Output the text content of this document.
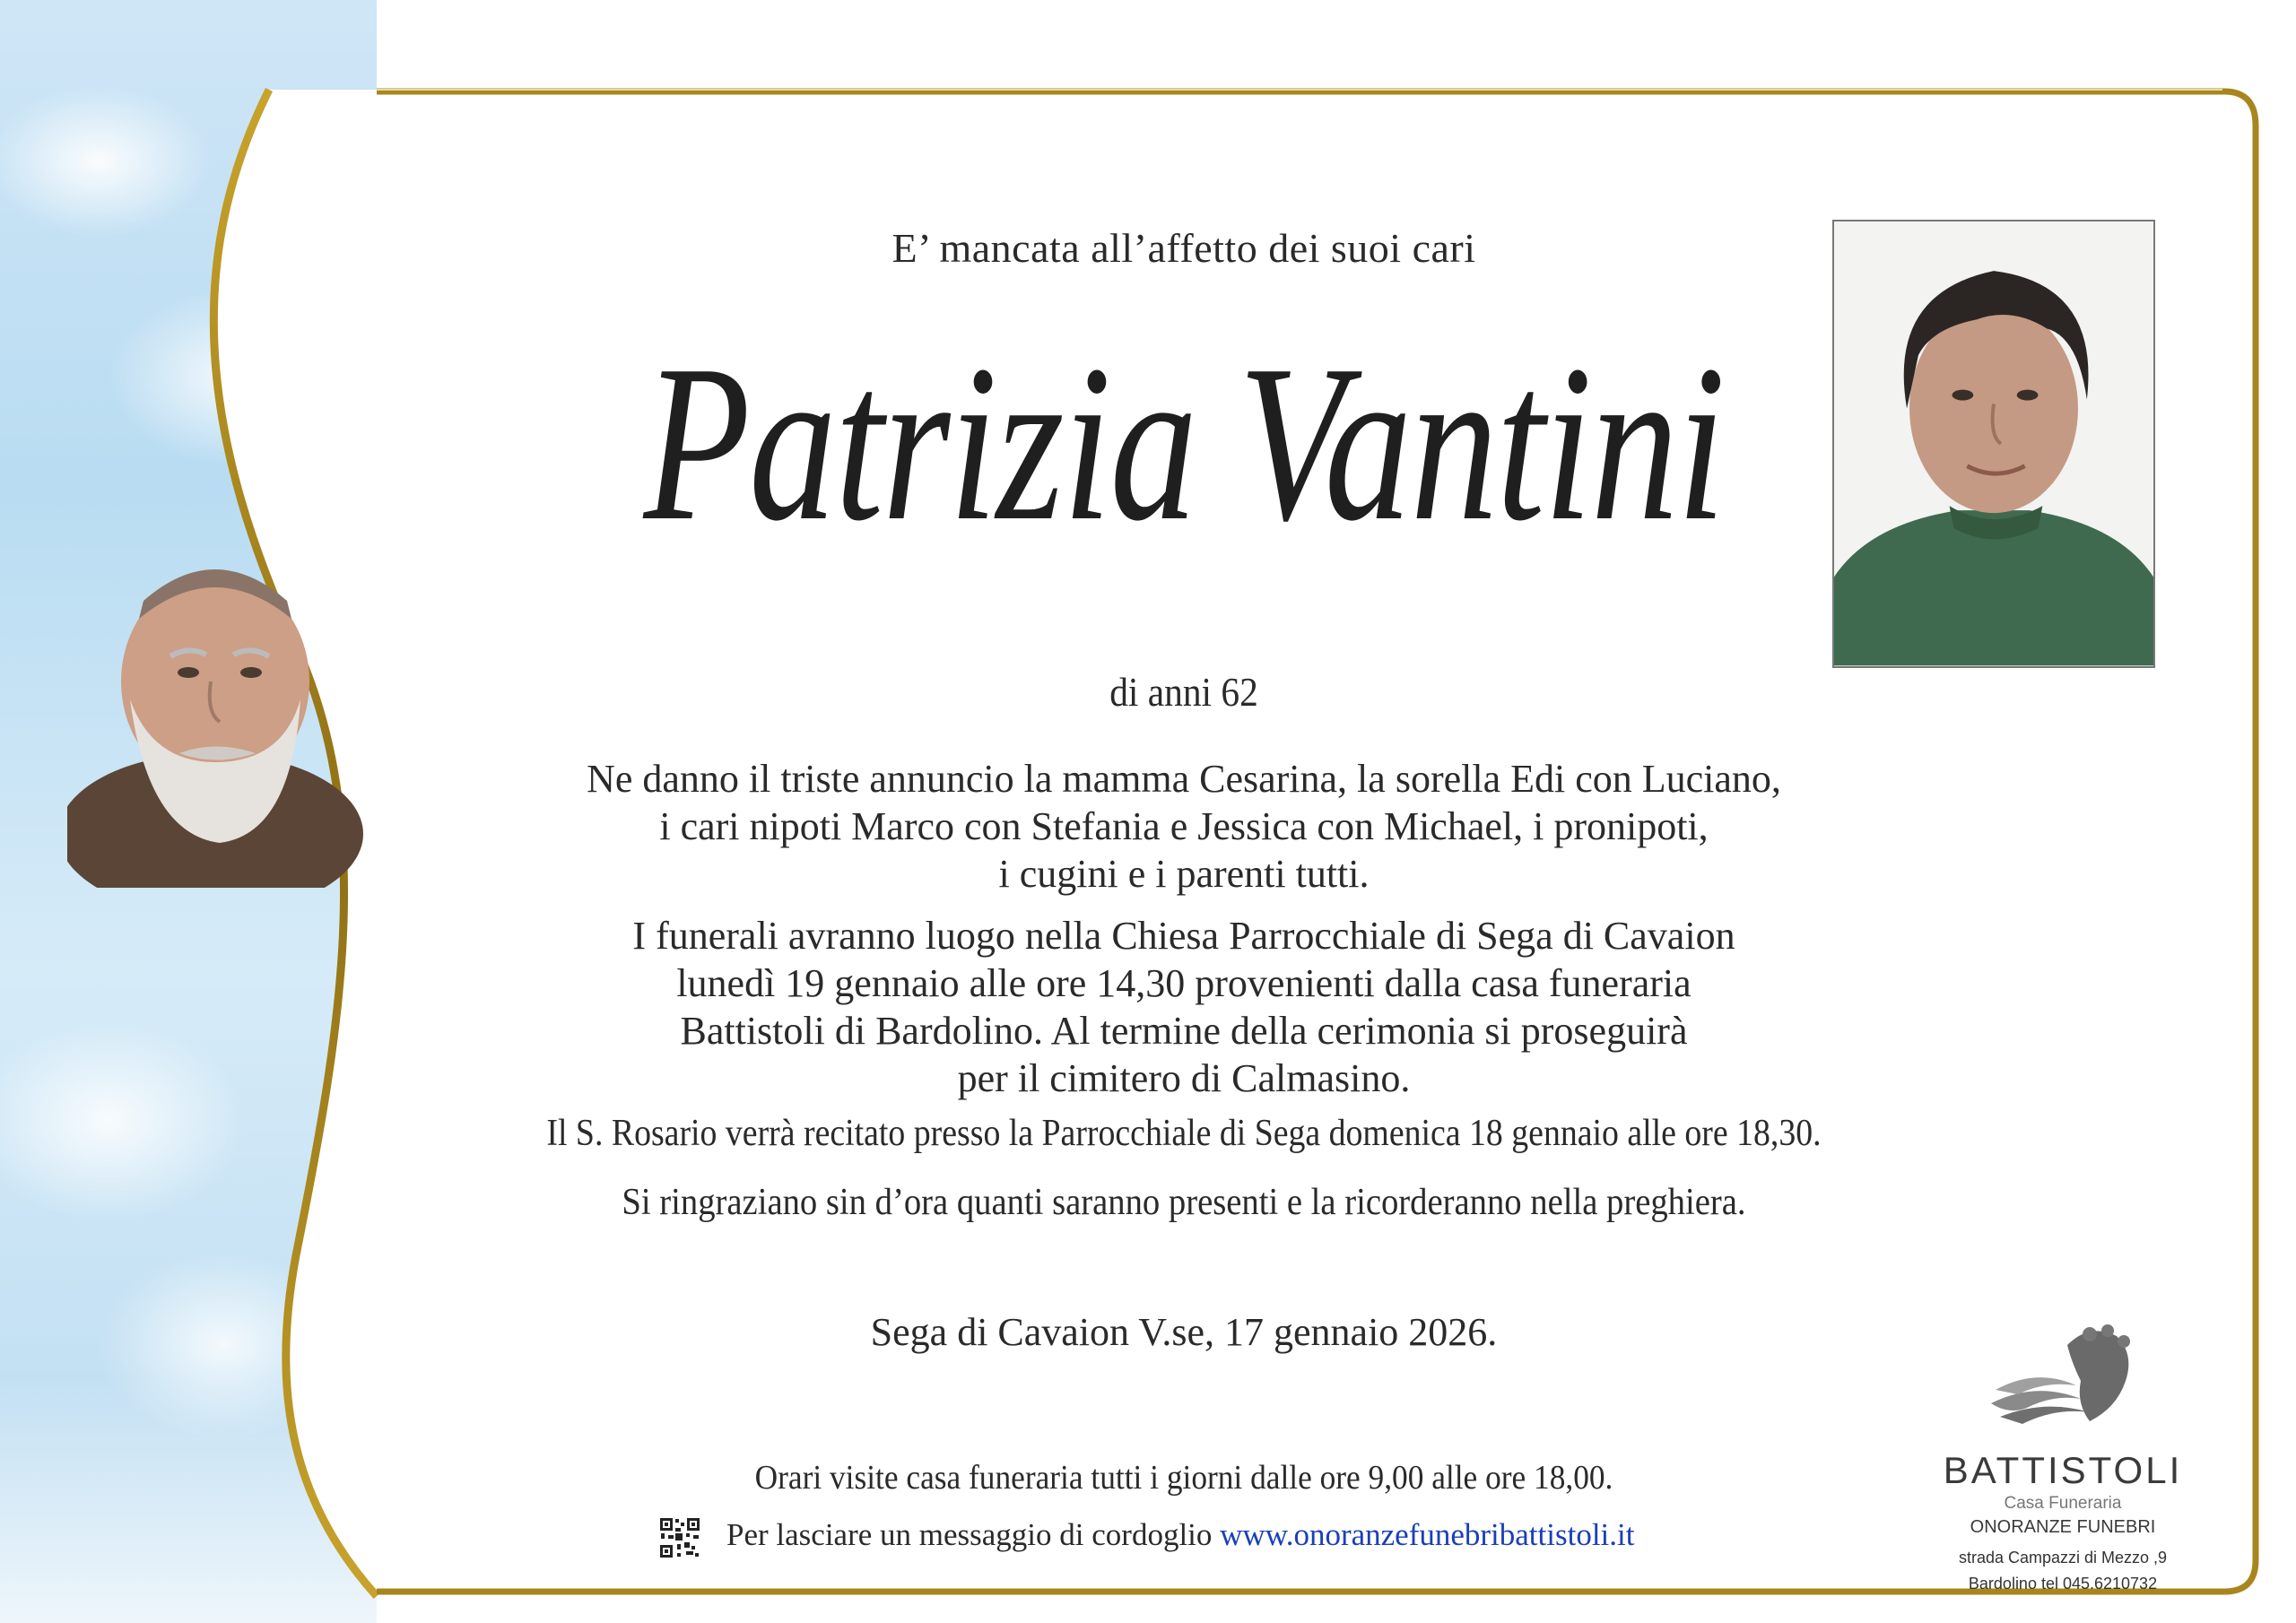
E’ mancata all’affetto dei suoi cari
Patrizia Vantini
di anni 62
Ne danno il triste annuncio la mamma Cesarina, la sorella Edi con Luciano,
i cari nipoti Marco con Stefania e Jessica con Michael, i pronipoti,
i cugini e i parenti tutti.
I funerali avranno luogo nella Chiesa Parrocchiale di Sega di Cavaion
lunedì 19 gennaio alle ore 14,30 provenienti dalla casa funeraria
Battistoli di Bardolino. Al termine della cerimonia si proseguirà
per il cimitero di Calmasino.
Il S. Rosario verrà recitato presso la Parrocchiale di Sega domenica 18 gennaio alle ore 18,30.
Si ringraziano sin d’ora quanti saranno presenti e la ricorderanno nella preghiera.
Sega di Cavaion V.se, 17 gennaio 2026.
Orari visite casa funeraria tutti i giorni dalle ore 9,00 alle ore 18,00.
Per lasciare un messaggio di cordoglio www.onoranzefunebribattistoli.it
BATTISTOLI
Casa Funeraria
ONORANZE FUNEBRI
strada Campazzi di Mezzo ,9
Bardolino tel 045.6210732
